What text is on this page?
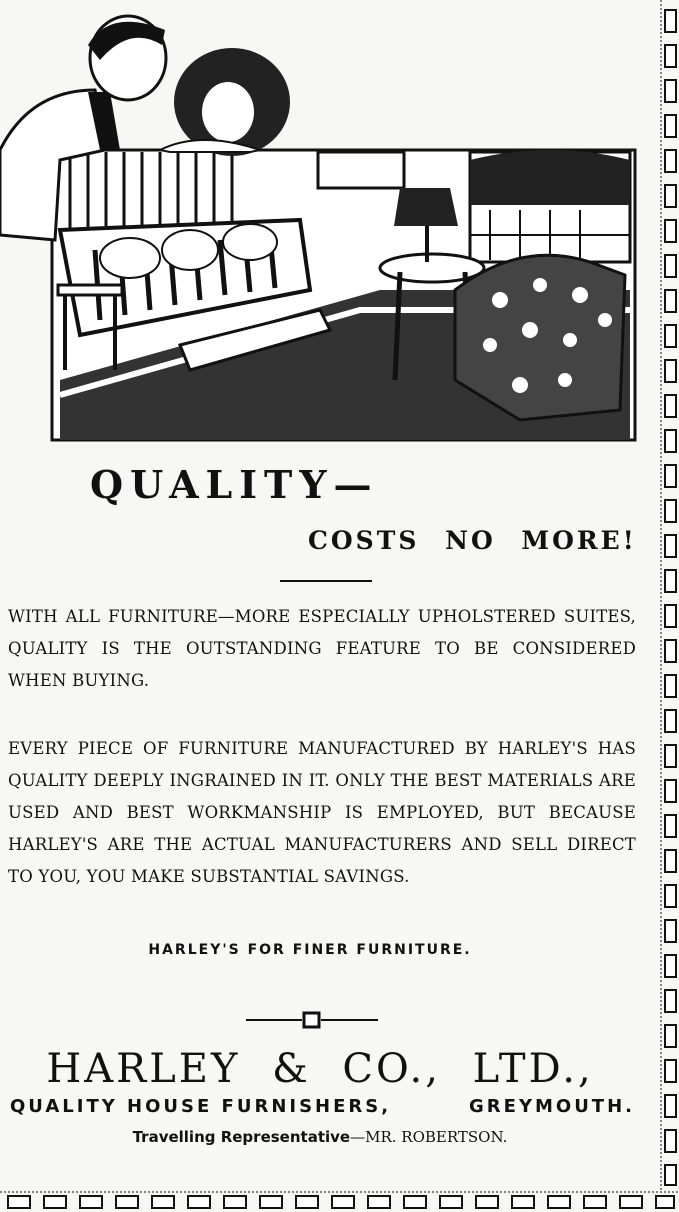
QUALITY—
COSTS NO MORE!
WITH ALL FURNITURE—MORE ESPECIALLY UPHOLSTERED SUITES, QUALITY IS THE OUTSTANDING FEATURE TO BE CONSIDERED WHEN BUYING.
EVERY PIECE OF FURNITURE MANUFACTURED BY HARLEY'S HAS QUALITY DEEPLY INGRAINED IN IT. ONLY THE BEST MATERIALS ARE USED AND BEST WORKMANSHIP IS EMPLOYED, BUT BECAUSE HARLEY'S ARE THE ACTUAL MANUFACTURERS AND SELL DIRECT TO YOU, YOU MAKE SUBSTANTIAL SAVINGS.
HARLEY'S FOR FINER FURNITURE.
HARLEY & CO., LTD.,
QUALITY HOUSE FURNISHERS,	GREYMOUTH.
Travelling Representative—MR. ROBERTSON.
